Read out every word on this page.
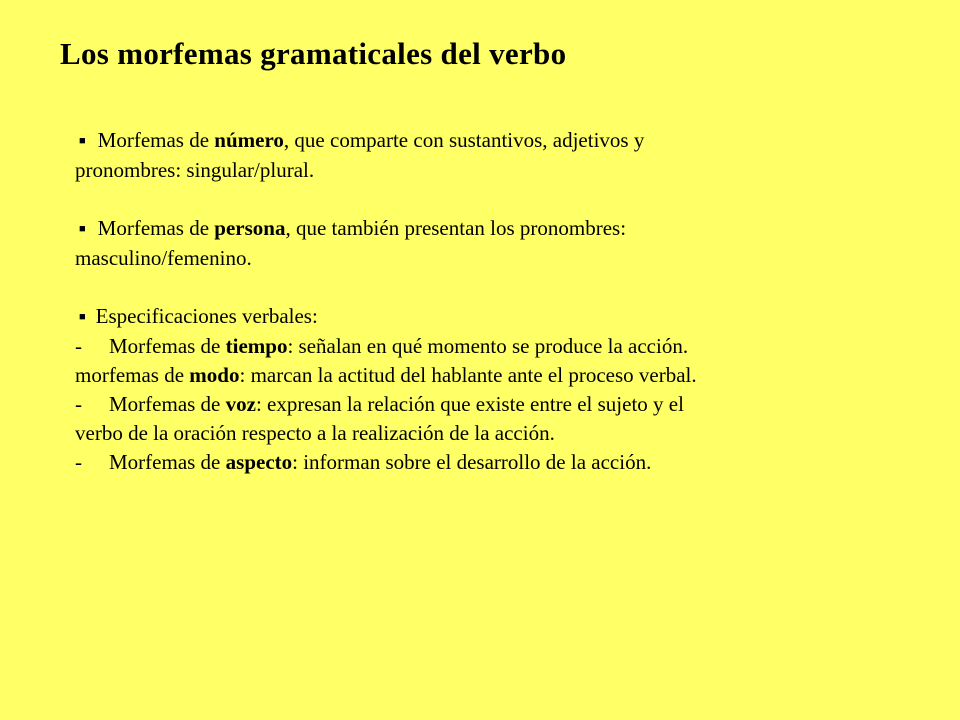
Los morfemas gramaticales del verbo

■ Morfemas de número, que comparte con sustantivos, adjetivos y
pronombres: singular/plural.

■ Morfemas de persona, que también presentan los pronombres:
masculino/femenino.

■ Especificaciones verbales:

- Morfemas de tiempo: señalan en qué momento se produce la acción.

morfemas de modo: marcan la actitud del hablante ante el proceso verbal.

- Morfemas de voz: expresan la relación que existe entre el sujeto y el
verbo de la oración respecto a la realización de la acción.

- Morfemas de aspecto: informan sobre el desarrollo de la acción.
